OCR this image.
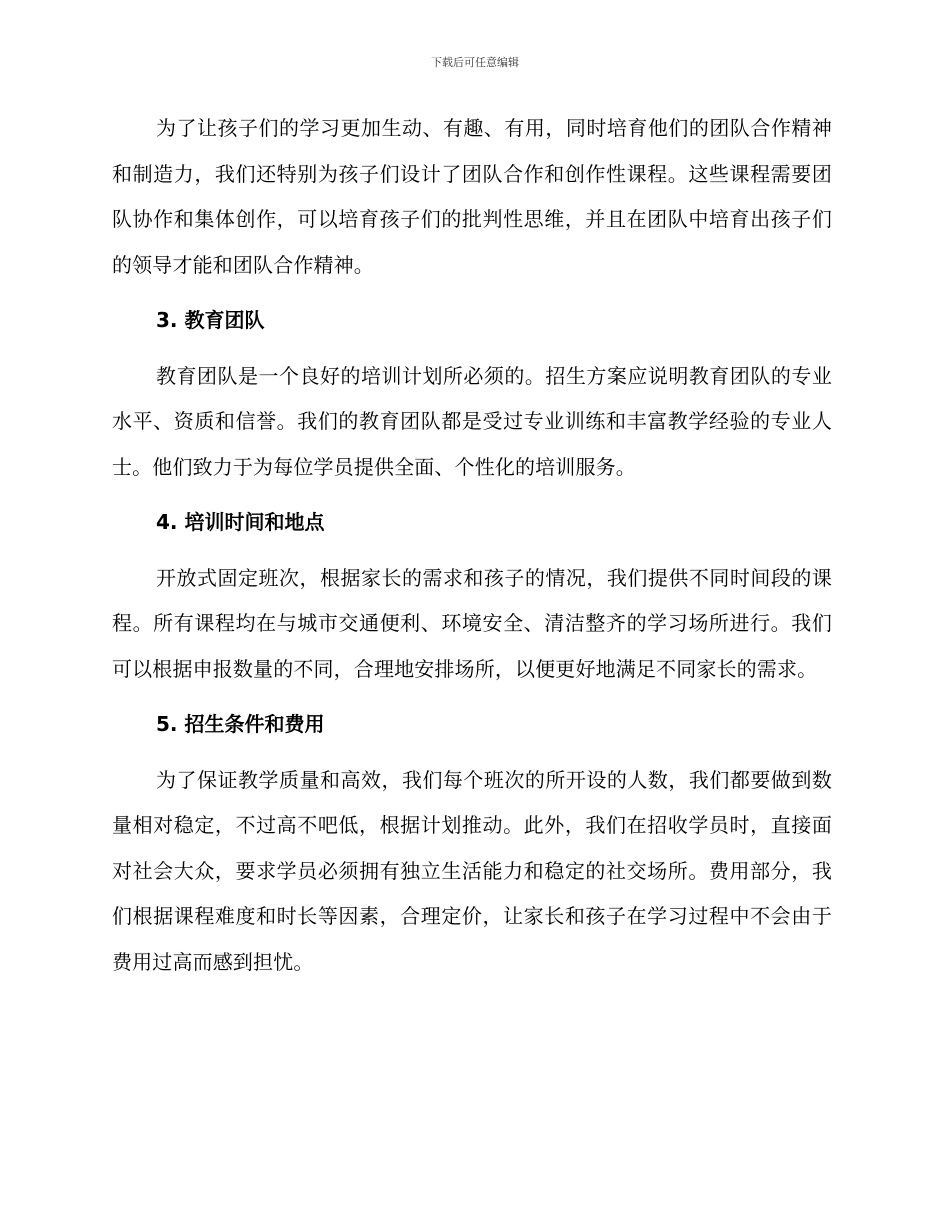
下载后可任意编辑

为了让孩子们的学习更加生动、有趣、有用，同时培育他们的团队合作精神和制造力，我们还特别为孩子们设计了团队合作和创作性课程。这些课程需要团队协作和集体创作，可以培育孩子们的批判性思维，并且在团队中培育出孩子们的领导才能和团队合作精神。

3. 教育团队

教育团队是一个良好的培训计划所必须的。招生方案应说明教育团队的专业水平、资质和信誉。我们的教育团队都是受过专业训练和丰富教学经验的专业人士。他们致力于为每位学员提供全面、个性化的培训服务。

4. 培训时间和地点

开放式固定班次，根据家长的需求和孩子的情况，我们提供不同时间段的课程。所有课程均在与城市交通便利、环境安全、清洁整齐的学习场所进行。我们可以根据申报数量的不同，合理地安排场所，以便更好地满足不同家长的需求。

5. 招生条件和费用

为了保证教学质量和高效，我们每个班次的所开设的人数，我们都要做到数量相对稳定，不过高不吧低，根据计划推动。此外，我们在招收学员时，直接面对社会大众，要求学员必须拥有独立生活能力和稳定的社交场所。费用部分，我们根据课程难度和时长等因素，合理定价，让家长和孩子在学习过程中不会由于费用过高而感到担忧。
